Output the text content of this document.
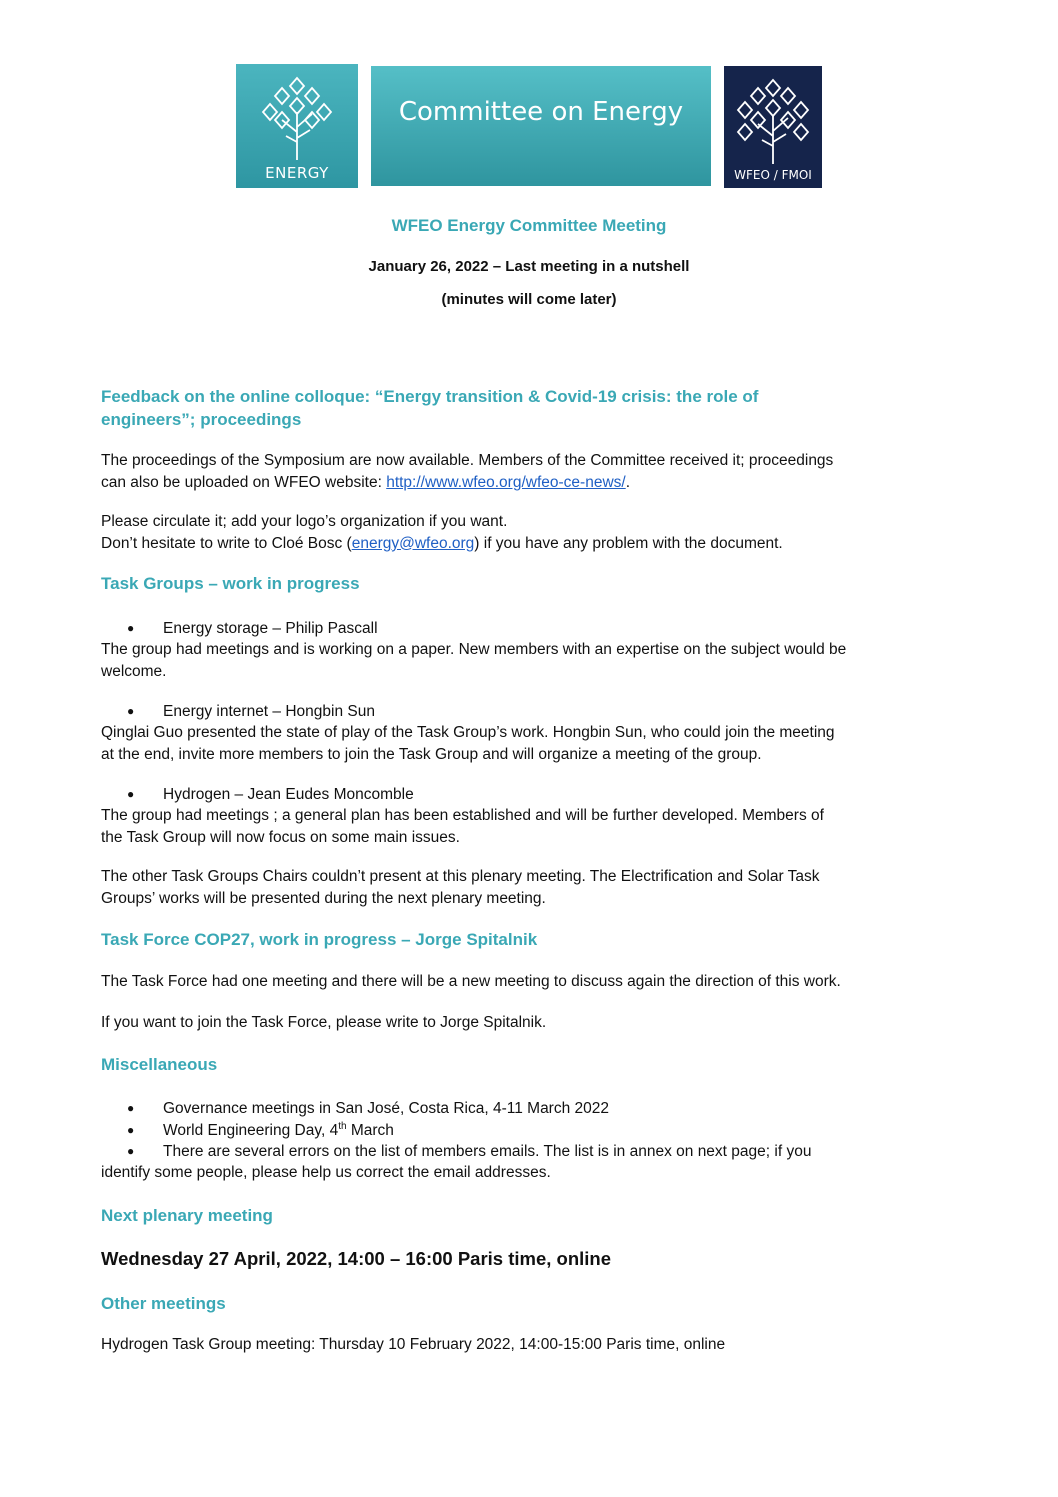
ENERGY
Committee on Energy
WFEO / FMOI
WFEO Energy Committee Meeting
January 26, 2022 – Last meeting in a nutshell
(minutes will come later)
Feedback on the online colloque: “Energy transition & Covid-19 crisis: the role of
engineers”; proceedings
The proceedings of the Symposium are now available. Members of the Committee received it; proceedings
can also be uploaded on WFEO website: http://www.wfeo.org/wfeo-ce-news/.
Please circulate it; add your logo’s organization if you want.
Don’t hesitate to write to Cloé Bosc (energy@wfeo.org) if you have any problem with the document.
Task Groups – work in progress
● Energy storage – Philip Pascall
The group had meetings and is working on a paper. New members with an expertise on the subject would be
welcome.
● Energy internet – Hongbin Sun
Qinglai Guo presented the state of play of the Task Group’s work. Hongbin Sun, who could join the meeting
at the end, invite more members to join the Task Group and will organize a meeting of the group.
● Hydrogen – Jean Eudes Moncomble
The group had meetings ; a general plan has been established and will be further developed. Members of
the Task Group will now focus on some main issues.
The other Task Groups Chairs couldn’t present at this plenary meeting. The Electrification and Solar Task
Groups’ works will be presented during the next plenary meeting.
Task Force COP27, work in progress – Jorge Spitalnik
The Task Force had one meeting and there will be a new meeting to discuss again the direction of this work.
If you want to join the Task Force, please write to Jorge Spitalnik.
Miscellaneous
● Governance meetings in San José, Costa Rica, 4-11 March 2022
● World Engineering Day, 4th March
● There are several errors on the list of members emails. The list is in annex on next page; if you
identify some people, please help us correct the email addresses.
Next plenary meeting
Wednesday 27 April, 2022, 14:00 – 16:00 Paris time, online
Other meetings
Hydrogen Task Group meeting: Thursday 10 February 2022, 14:00-15:00 Paris time, online
